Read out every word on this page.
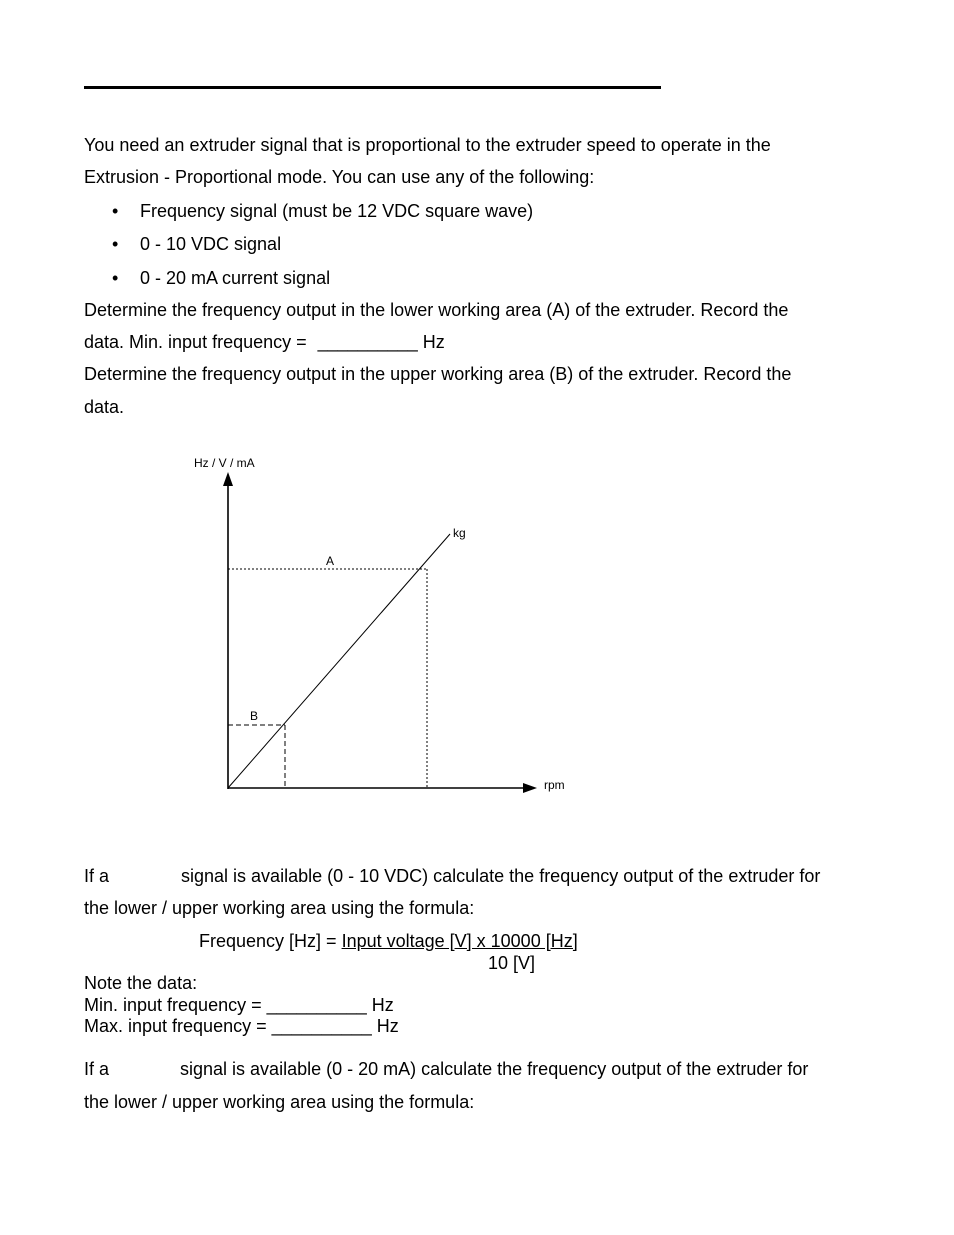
You need an extruder signal that is proportional to the extruder speed to operate in the
Extrusion - Proportional mode. You can use any of the following:
• Frequency signal (must be 12 VDC square wave)
• 0 - 10 VDC signal
• 0 - 20 mA current signal
Determine the frequency output in the lower working area (A) of the extruder. Record the
data. Min. input frequency = __________ Hz
Determine the frequency output in the upper working area (B) of the extruder. Record the
data.
Hz / V / mA
rpm
kg
A
B
If a	signal is available (0 - 10 VDC) calculate the frequency output of the extruder for
the lower / upper working area using the formula:
Frequency [Hz] = Input voltage [V] x 10000 [Hz]
10 [V]
Note the data:
Min. input frequency = __________ Hz
Max. input frequency = __________ Hz
If a	signal is available (0 - 20 mA) calculate the frequency output of the extruder for
the lower / upper working area using the formula:
